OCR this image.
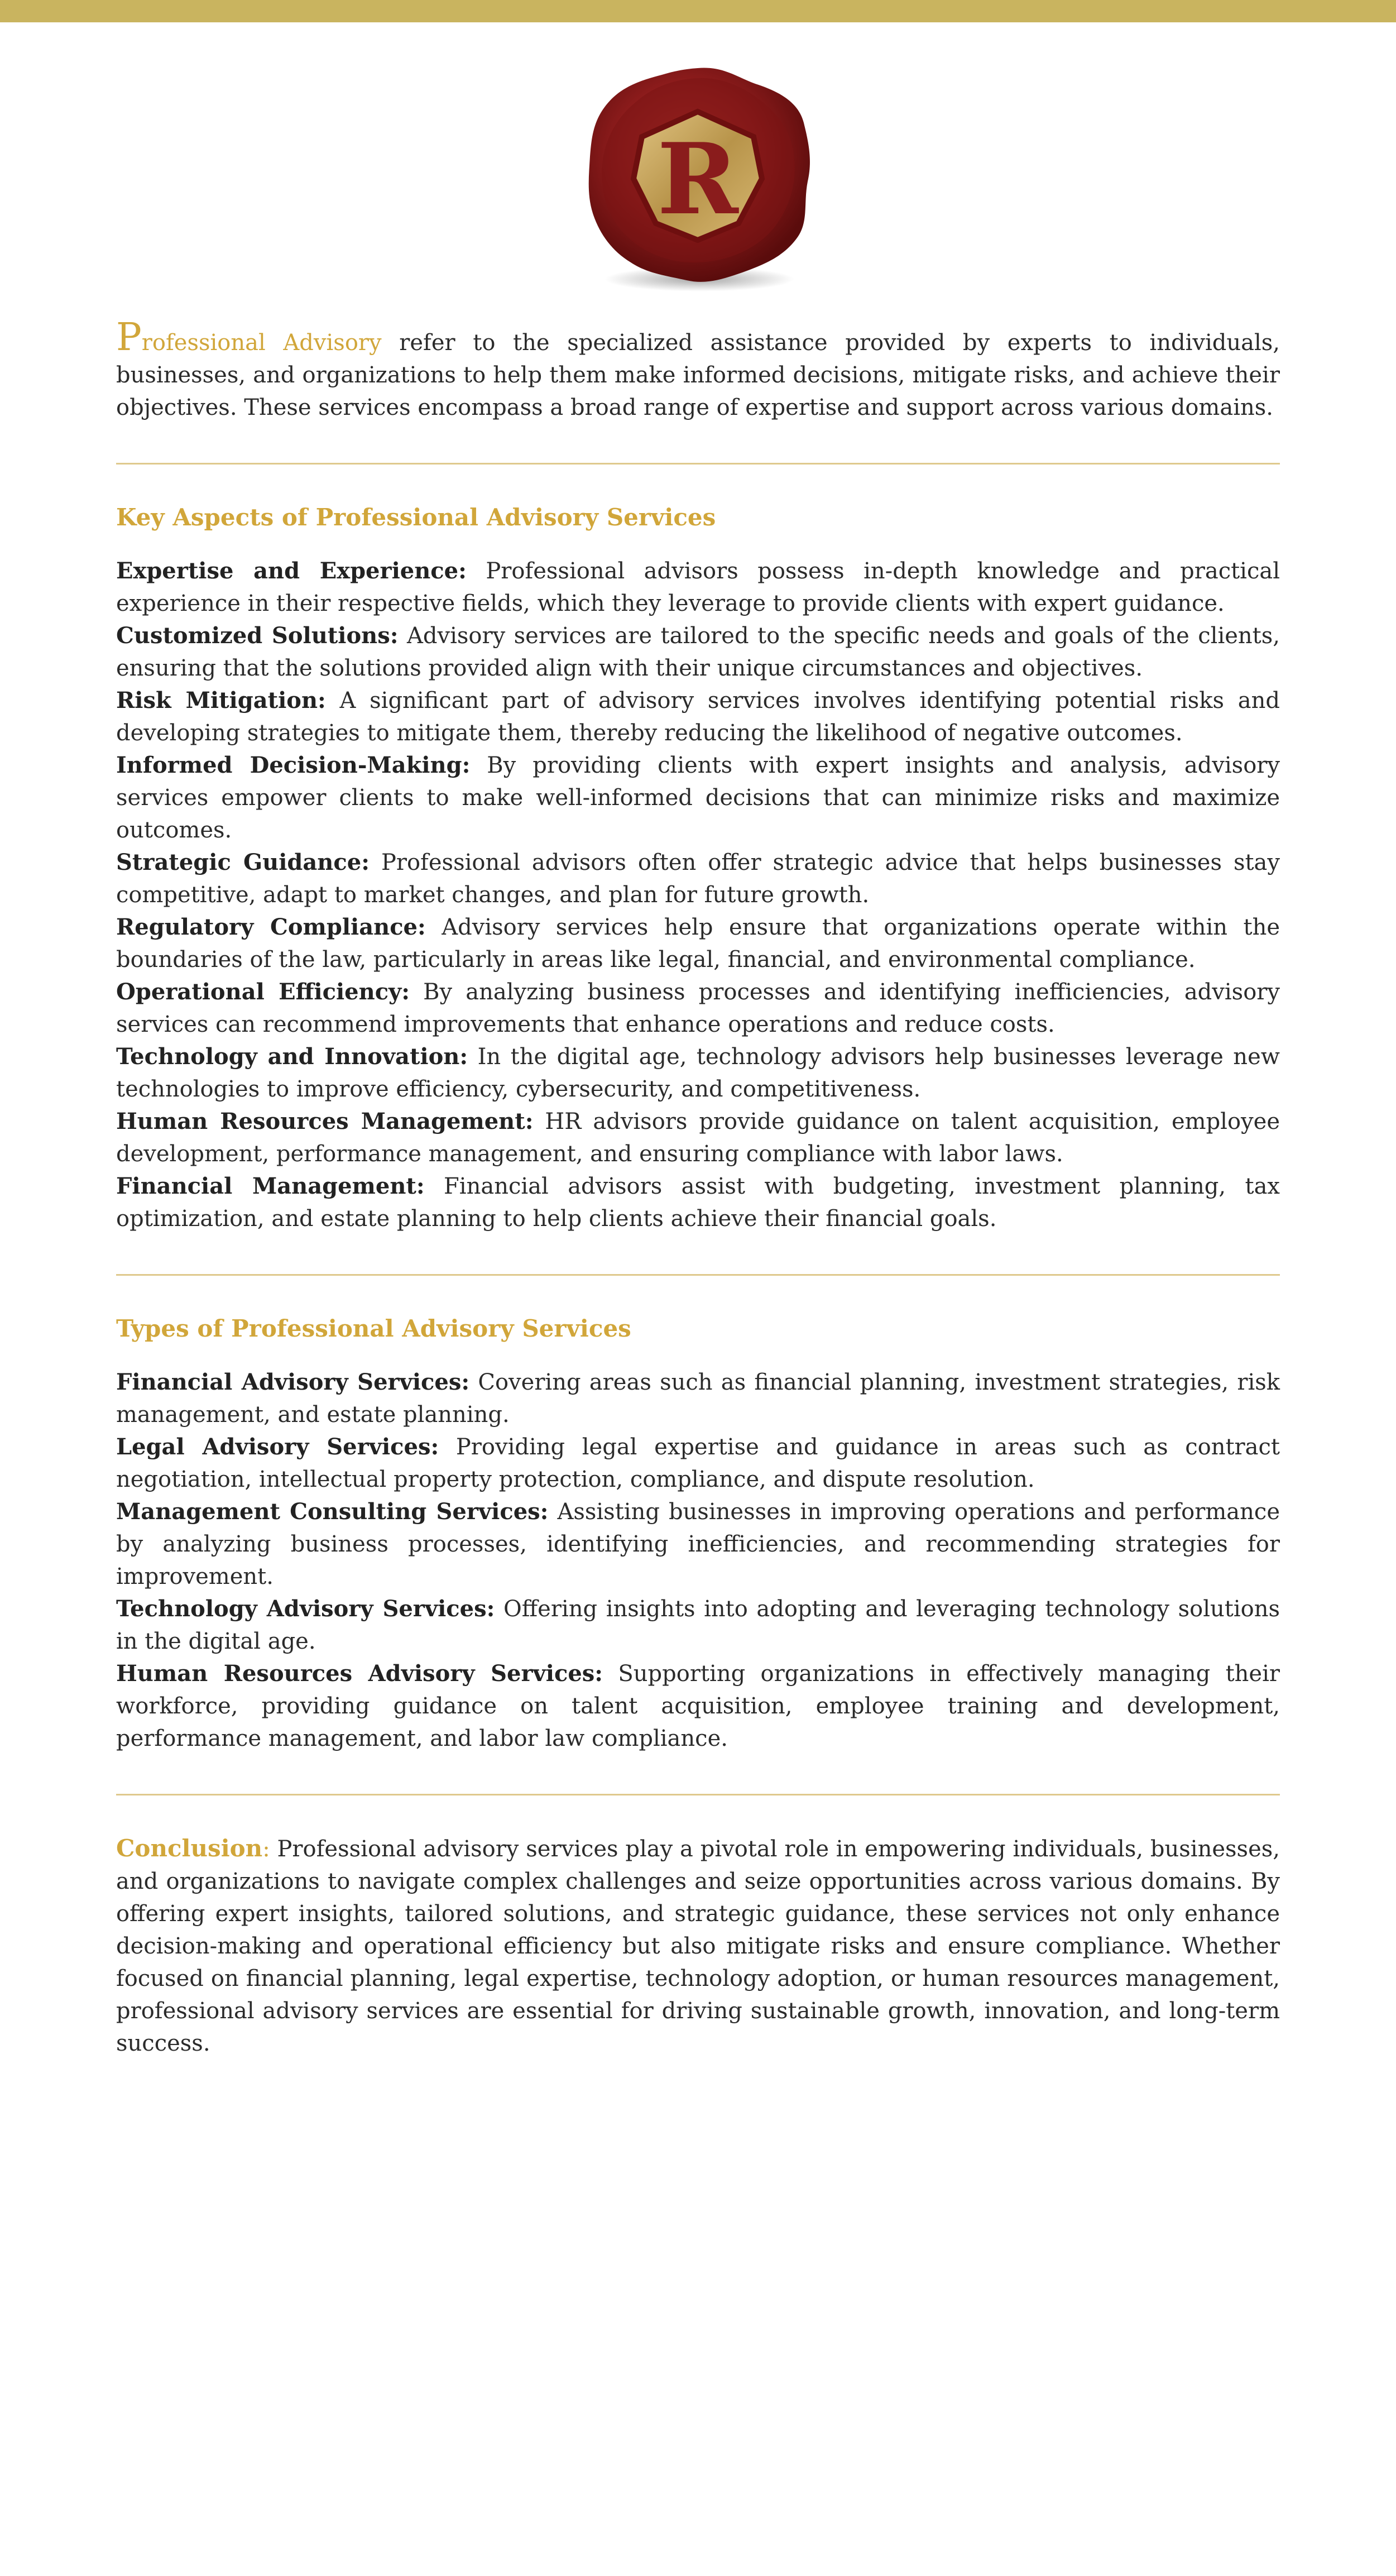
R

Professional Advisory refer to the specialized assistance provided by experts to individuals, businesses, and organizations to help them make informed decisions, mitigate risks, and achieve their objectives. These services encompass a broad range of expertise and support across various domains.

Key Aspects of Professional Advisory Services

Expertise and Experience: Professional advisors possess in-depth knowledge and practical experience in their respective fields, which they leverage to provide clients with expert guidance.

Customized Solutions: Advisory services are tailored to the specific needs and goals of the clients, ensuring that the solutions provided align with their unique circumstances and objectives.

Risk Mitigation: A significant part of advisory services involves identifying potential risks and developing strategies to mitigate them, thereby reducing the likelihood of negative outcomes.

Informed Decision-Making: By providing clients with expert insights and analysis, advisory services empower clients to make well-informed decisions that can minimize risks and maximize outcomes.

Strategic Guidance: Professional advisors often offer strategic advice that helps businesses stay competitive, adapt to market changes, and plan for future growth.

Regulatory Compliance: Advisory services help ensure that organizations operate within the boundaries of the law, particularly in areas like legal, financial, and environmental compliance.

Operational Efficiency: By analyzing business processes and identifying inefficiencies, advisory services can recommend improvements that enhance operations and reduce costs.

Technology and Innovation: In the digital age, technology advisors help businesses leverage new technologies to improve efficiency, cybersecurity, and competitiveness.

Human Resources Management: HR advisors provide guidance on talent acquisition, employee development, performance management, and ensuring compliance with labor laws.

Financial Management: Financial advisors assist with budgeting, investment planning, tax optimization, and estate planning to help clients achieve their financial goals.

Types of Professional Advisory Services

Financial Advisory Services: Covering areas such as financial planning, investment strategies, risk management, and estate planning.

Legal Advisory Services: Providing legal expertise and guidance in areas such as contract negotiation, intellectual property protection, compliance, and dispute resolution.

Management Consulting Services: Assisting businesses in improving operations and performance by analyzing business processes, identifying inefficiencies, and recommending strategies for improvement.

Technology Advisory Services: Offering insights into adopting and leveraging technology solutions in the digital age.

Human Resources Advisory Services: Supporting organizations in effectively managing their workforce, providing guidance on talent acquisition, employee training and development, performance management, and labor law compliance.

Conclusion: Professional advisory services play a pivotal role in empowering individuals, businesses, and organizations to navigate complex challenges and seize opportunities across various domains. By offering expert insights, tailored solutions, and strategic guidance, these services not only enhance decision-making and operational efficiency but also mitigate risks and ensure compliance. Whether focused on financial planning, legal expertise, technology adoption, or human resources management, professional advisory services are essential for driving sustainable growth, innovation, and long-term success.
